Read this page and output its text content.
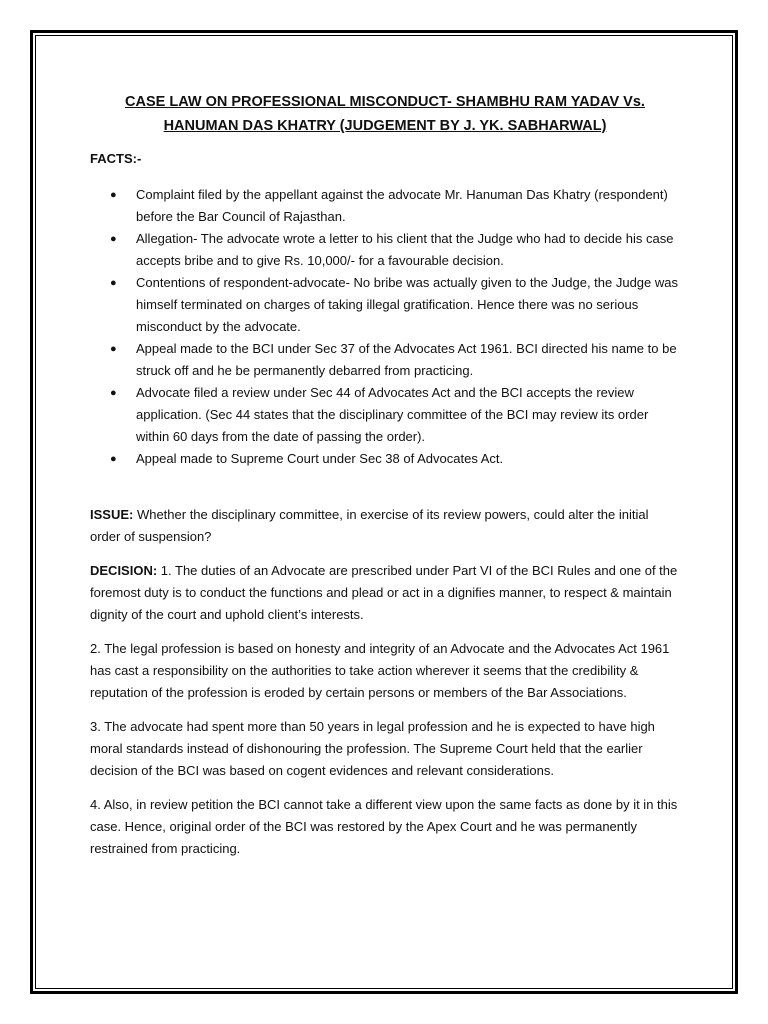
CASE LAW ON PROFESSIONAL MISCONDUCT- SHAMBHU RAM YADAV Vs.
HANUMAN DAS KHATRY (JUDGEMENT BY J. YK. SABHARWAL)
FACTS:-
● Complaint filed by the appellant against the advocate Mr. Hanuman Das Khatry (respondent) before the Bar Council of Rajasthan.
● Allegation- The advocate wrote a letter to his client that the Judge who had to decide his case accepts bribe and to give Rs. 10,000/- for a favourable decision.
● Contentions of respondent-advocate- No bribe was actually given to the Judge, the Judge was himself terminated on charges of taking illegal gratification. Hence there was no serious misconduct by the advocate.
● Appeal made to the BCI under Sec 37 of the Advocates Act 1961. BCI directed his name to be struck off and he be permanently debarred from practicing.
● Advocate filed a review under Sec 44 of Advocates Act and the BCI accepts the review application. (Sec 44 states that the disciplinary committee of the BCI may review its order within 60 days from the date of passing the order).
● Appeal made to Supreme Court under Sec 38 of Advocates Act.

ISSUE: Whether the disciplinary committee, in exercise of its review powers, could alter the initial order of suspension?

DECISION: 1. The duties of an Advocate are prescribed under Part VI of the BCI Rules and one of the foremost duty is to conduct the functions and plead or act in a dignifies manner, to respect & maintain dignity of the court and uphold client’s interests.

2. The legal profession is based on honesty and integrity of an Advocate and the Advocates Act 1961 has cast a responsibility on the authorities to take action wherever it seems that the credibility & reputation of the profession is eroded by certain persons or members of the Bar Associations.

3. The advocate had spent more than 50 years in legal profession and he is expected to have high moral standards instead of dishonouring the profession. The Supreme Court held that the earlier decision of the BCI was based on cogent evidences and relevant considerations.

4. Also, in review petition the BCI cannot take a different view upon the same facts as done by it in this case. Hence, original order of the BCI was restored by the Apex Court and he was permanently restrained from practicing.
